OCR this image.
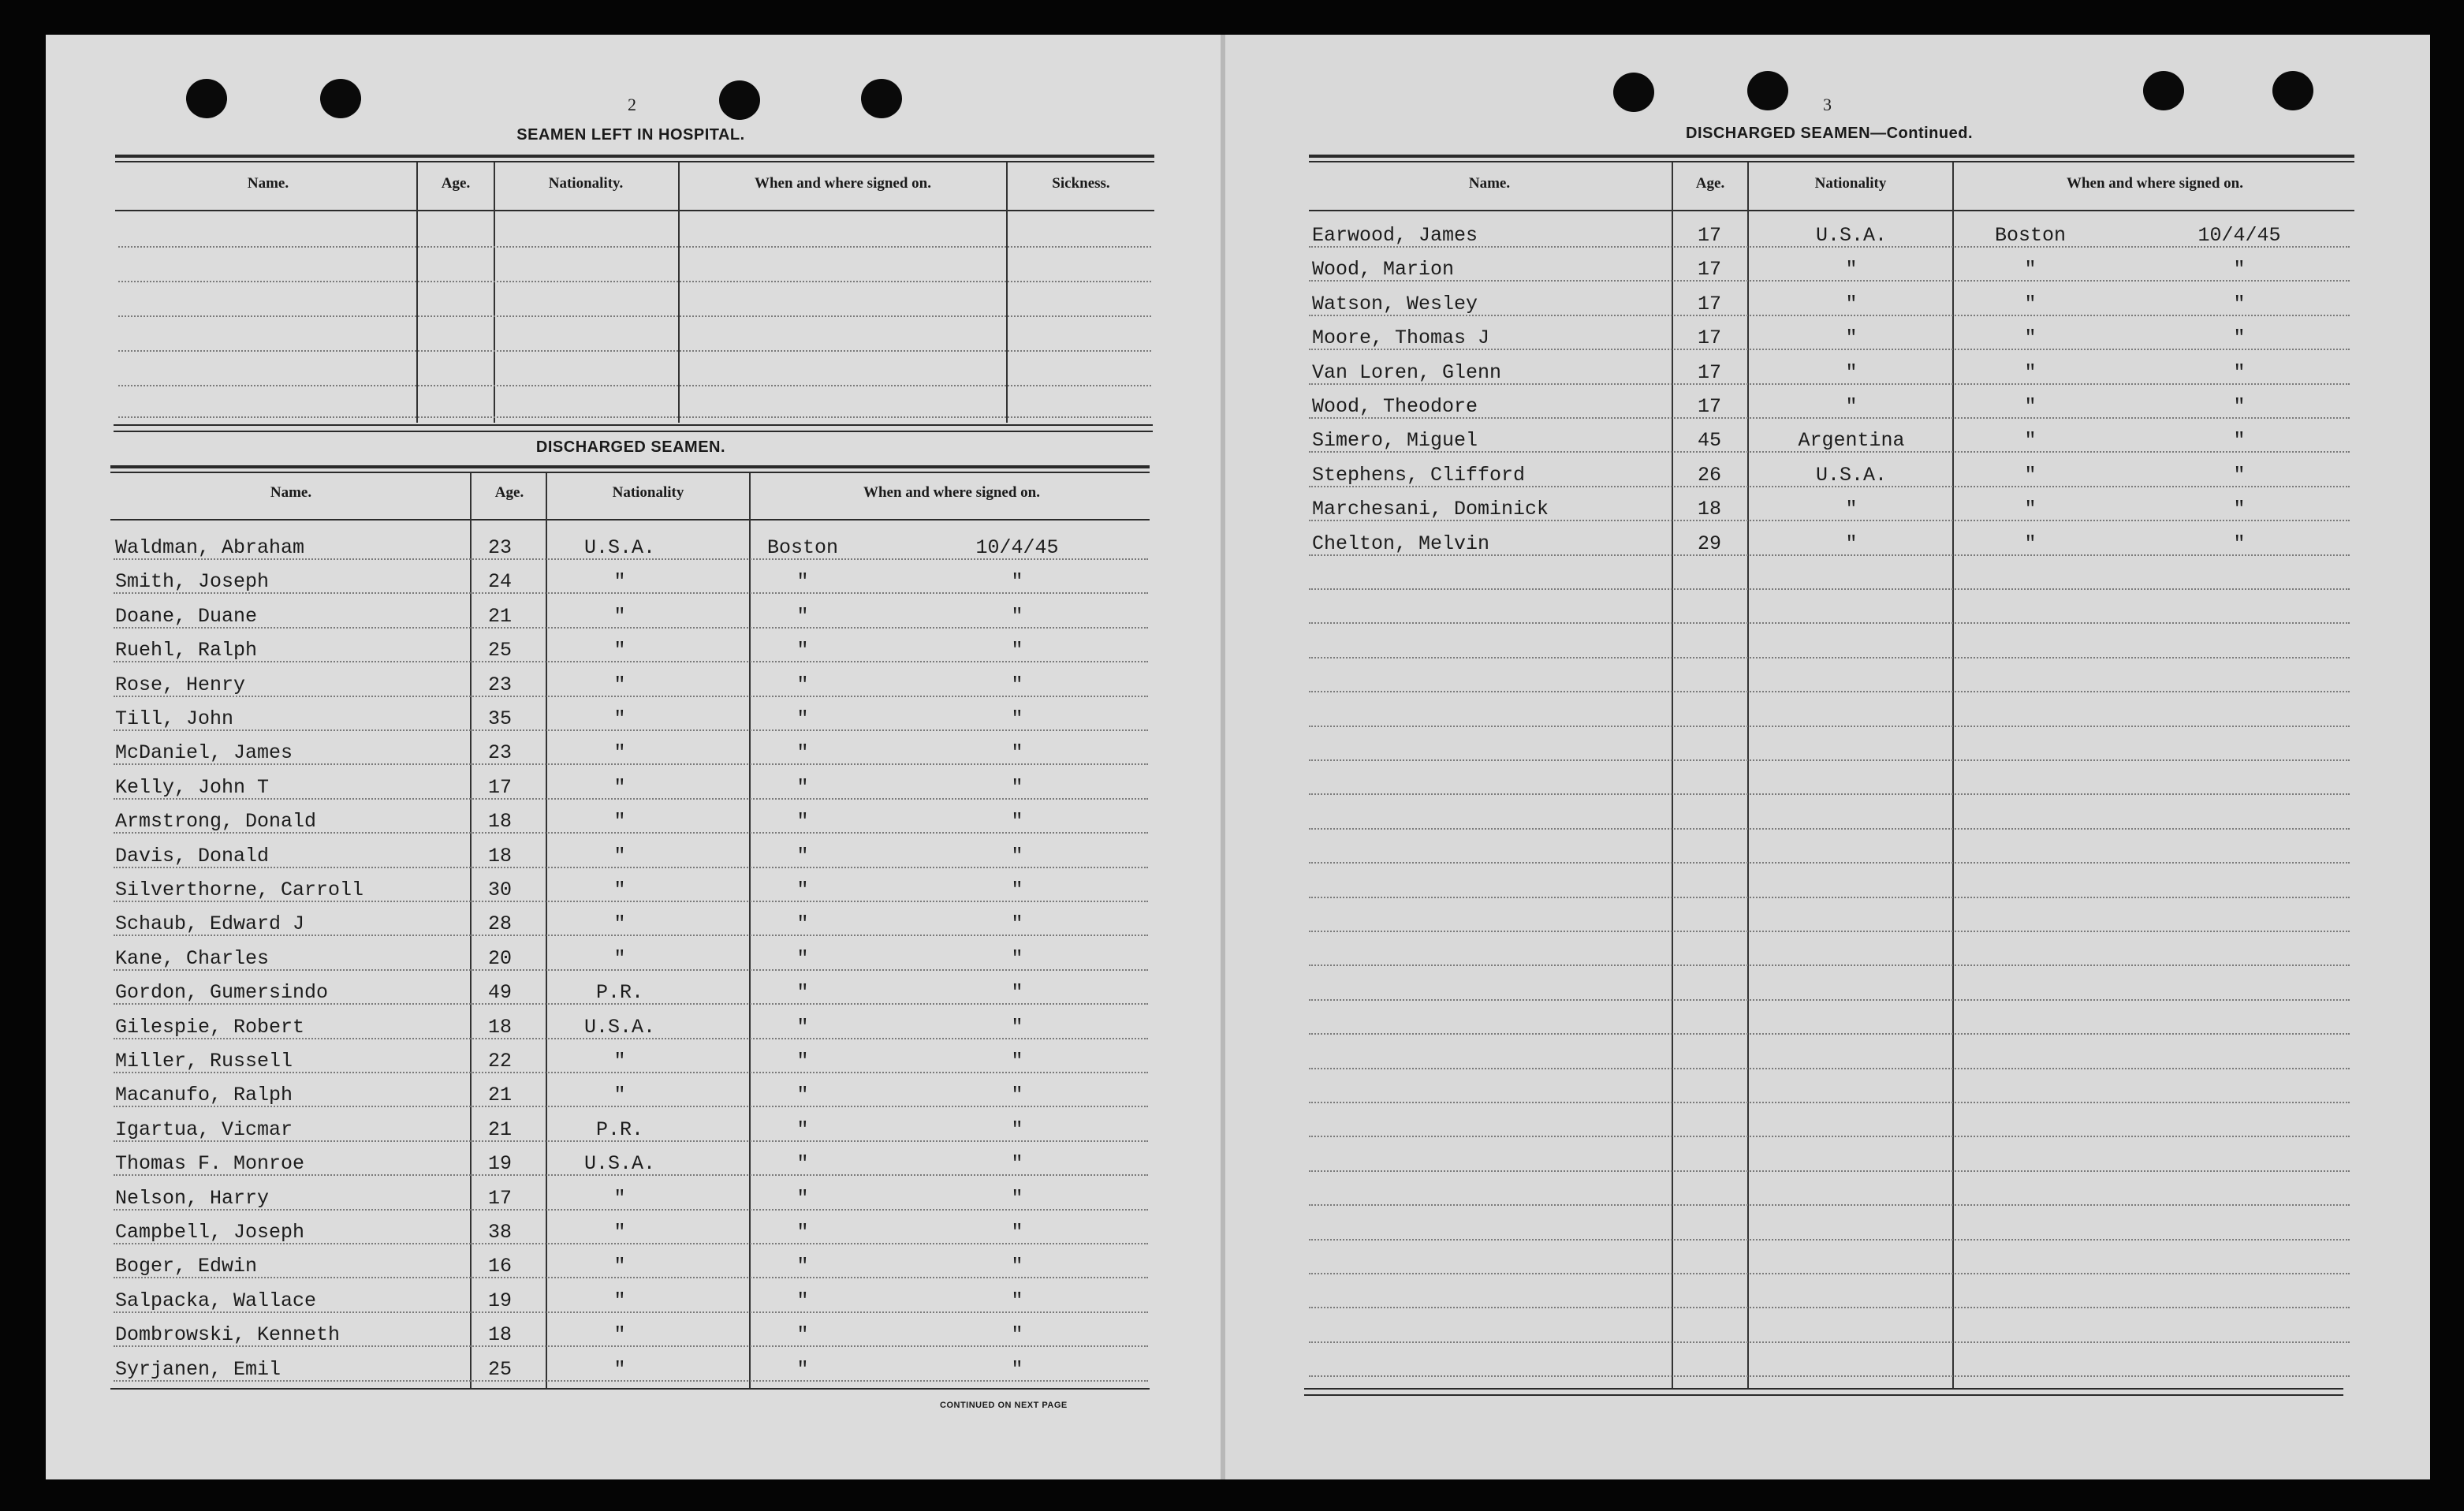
2
SEAMEN LEFT IN HOSPITAL.
Name.	Age.	Nationality.	When and where signed on.	Sickness.
DISCHARGED SEAMEN.
Name.	Age.	Nationality	When and where signed on.
Waldman, Abraham	23	U.S.A.	Boston	10/4/45
Smith, Joseph	24	"	"	"
Doane, Duane	21	"	"	"
Ruehl, Ralph	25	"	"	"
Rose, Henry	23	"	"	"
Till, John	35	"	"	"
McDaniel, James	23	"	"	"
Kelly, John T	17	"	"	"
Armstrong, Donald	18	"	"	"
Davis, Donald	18	"	"	"
Silverthorne, Carroll	30	"	"	"
Schaub, Edward J	28	"	"	"
Kane, Charles	20	"	"	"
Gordon, Gumersindo	49	P.R.	"	"
Gilespie, Robert	18	U.S.A.	"	"
Miller, Russell	22	"	"	"
Macanufo, Ralph	21	"	"	"
Igartua, Vicmar	21	P.R.	"	"
Thomas F. Monroe	19	U.S.A.	"	"
Nelson, Harry	17	"	"	"
Campbell, Joseph	38	"	"	"
Boger, Edwin	16	"	"	"
Salpacka, Wallace	19	"	"	"
Dombrowski, Kenneth	18	"	"	"
Syrjanen, Emil	25	"	"	"
CONTINUED ON NEXT PAGE
3
DISCHARGED SEAMEN—Continued.
Name.	Age.	Nationality	When and where signed on.
Earwood, James	17	U.S.A.	Boston	10/4/45
Wood, Marion	17	"	"	"
Watson, Wesley	17	"	"	"
Moore, Thomas J	17	"	"	"
Van Loren, Glenn	17	"	"	"
Wood, Theodore	17	"	"	"
Simero, Miguel	45	Argentina	"	"
Stephens, Clifford	26	U.S.A.	"	"
Marchesani, Dominick	18	"	"	"
Chelton, Melvin	29	"	"	"
